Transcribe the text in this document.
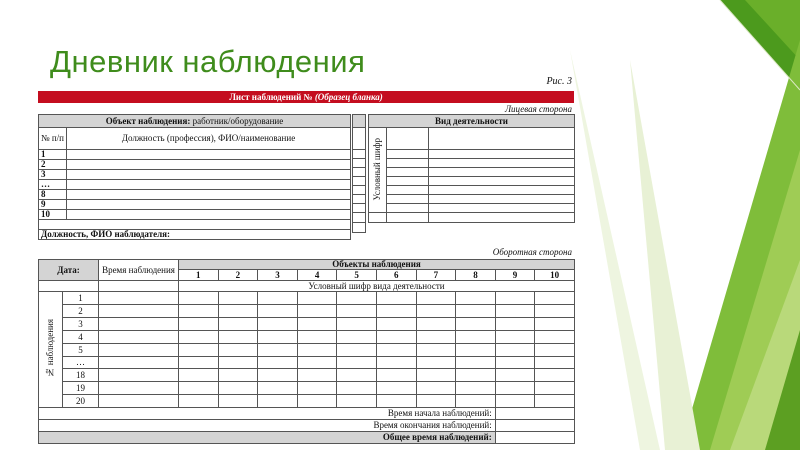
Дневник наблюдения
Рис. 3
Лист наблюдений № (Образец бланка)
Лицевая сторона
Объект наблюдения: работник/оборудование	
№ п/п	Должность (профессия), ФИО/наименование
1	
2	
3	
…	
8	
9	
10	

Должность, ФИО наблюдателя:	

Вид деятельности		
Условный шифр		

Оборотная сторона
Дата:		Время наблюдения	Объекты наблюдения									
			1	2	3	4	5	6	7	8	9	10
			Условный шифр вида деятельности									
№ наблюдения	1											
	2											
	3											
	4											
	5											
	…											
	18											
	19											
	20											
Время начала наблюдений:												
Время окончания наблюдений:												
Общее время наблюдений:												
